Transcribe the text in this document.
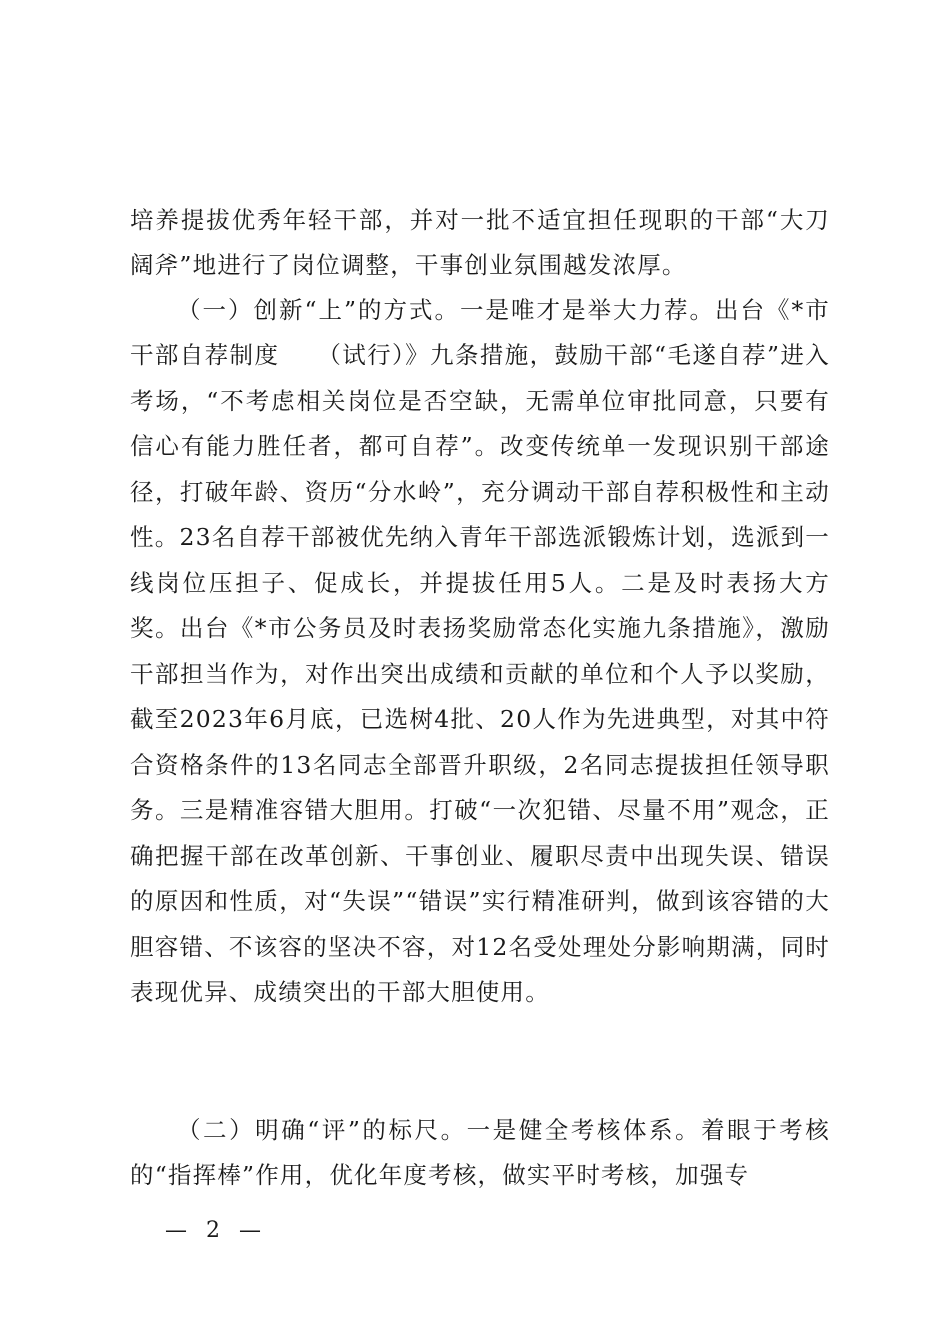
培养提拔优秀年轻干部，并对一批不适宜担任现职的干部“大刀阔斧”地进行了岗位调整，干事创业氛围越发浓厚。

（一）创新“上”的方式。一是唯才是举大力荐。出台《*市干部自荐制度　　（试行）》九条措施，鼓励干部“毛遂自荐”进入考场，“不考虑相关岗位是否空缺，无需单位审批同意，只要有信心有能力胜任者，都可自荐”。改变传统单一发现识别干部途径，打破年龄、资历“分水岭”，充分调动干部自荐积极性和主动性。23名自荐干部被优先纳入青年干部选派锻炼计划，选派到一线岗位压担子、促成长，并提拔任用5人。二是及时表扬大方奖。出台《*市公务员及时表扬奖励常态化实施九条措施》，激励干部担当作为，对作出突出成绩和贡献的单位和个人予以奖励，截至2023年6月底，已选树4批、20人作为先进典型，对其中符合资格条件的13名同志全部晋升职级，2名同志提拔担任领导职务。三是精准容错大胆用。打破“一次犯错、尽量不用”观念，正确把握干部在改革创新、干事创业、履职尽责中出现失误、错误的原因和性质，对“失误”“错误”实行精准研判，做到该容错的大胆容错、不该容的坚决不容，对12名受处理处分影响期满，同时表现优异、成绩突出的干部大胆使用。

（二）明确“评”的标尺。一是健全考核体系。着眼于考核的“指挥棒”作用，优化年度考核，做实平时考核，加强专

— 2 —
